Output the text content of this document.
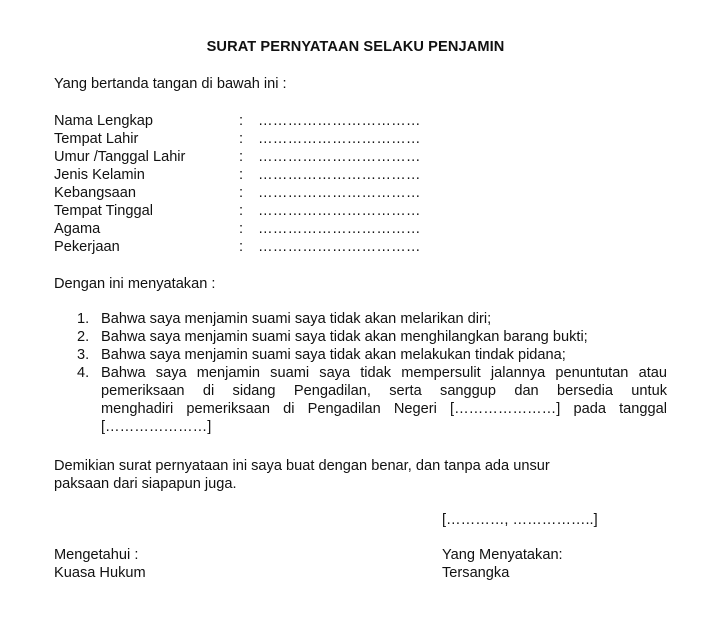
SURAT PERNYATAAN SELAKU PENJAMIN
Yang bertanda tangan di bawah ini :
Nama Lengkap	: ……………………………
Tempat Lahir	: ……………………………
Umur /Tanggal Lahir	: ……………………………
Jenis Kelamin	: ……………………………
Kebangsaan	: ……………………………
Tempat Tinggal	: ……………………………
Agama	: ……………………………
Pekerjaan	: ……………………………
Dengan ini menyatakan :
1. Bahwa saya menjamin suami saya tidak akan melarikan diri;
2. Bahwa saya menjamin suami saya tidak akan menghilangkan barang bukti;
3. Bahwa saya menjamin suami saya tidak akan melakukan tindak pidana;
4. Bahwa saya menjamin suami saya tidak mempersulit jalannya penuntutan atau
pemeriksaan di sidang Pengadilan, serta sanggup dan bersedia untuk
menghadiri pemeriksaan di Pengadilan Negeri […………………] pada tanggal
[…………………]
Demikian surat pernyataan ini saya buat dengan benar, dan tanpa ada unsur
paksaan dari siapapun juga.
[…………, ……………..]
Mengetahui :
Kuasa Hukum
Yang Menyatakan:
Tersangka
